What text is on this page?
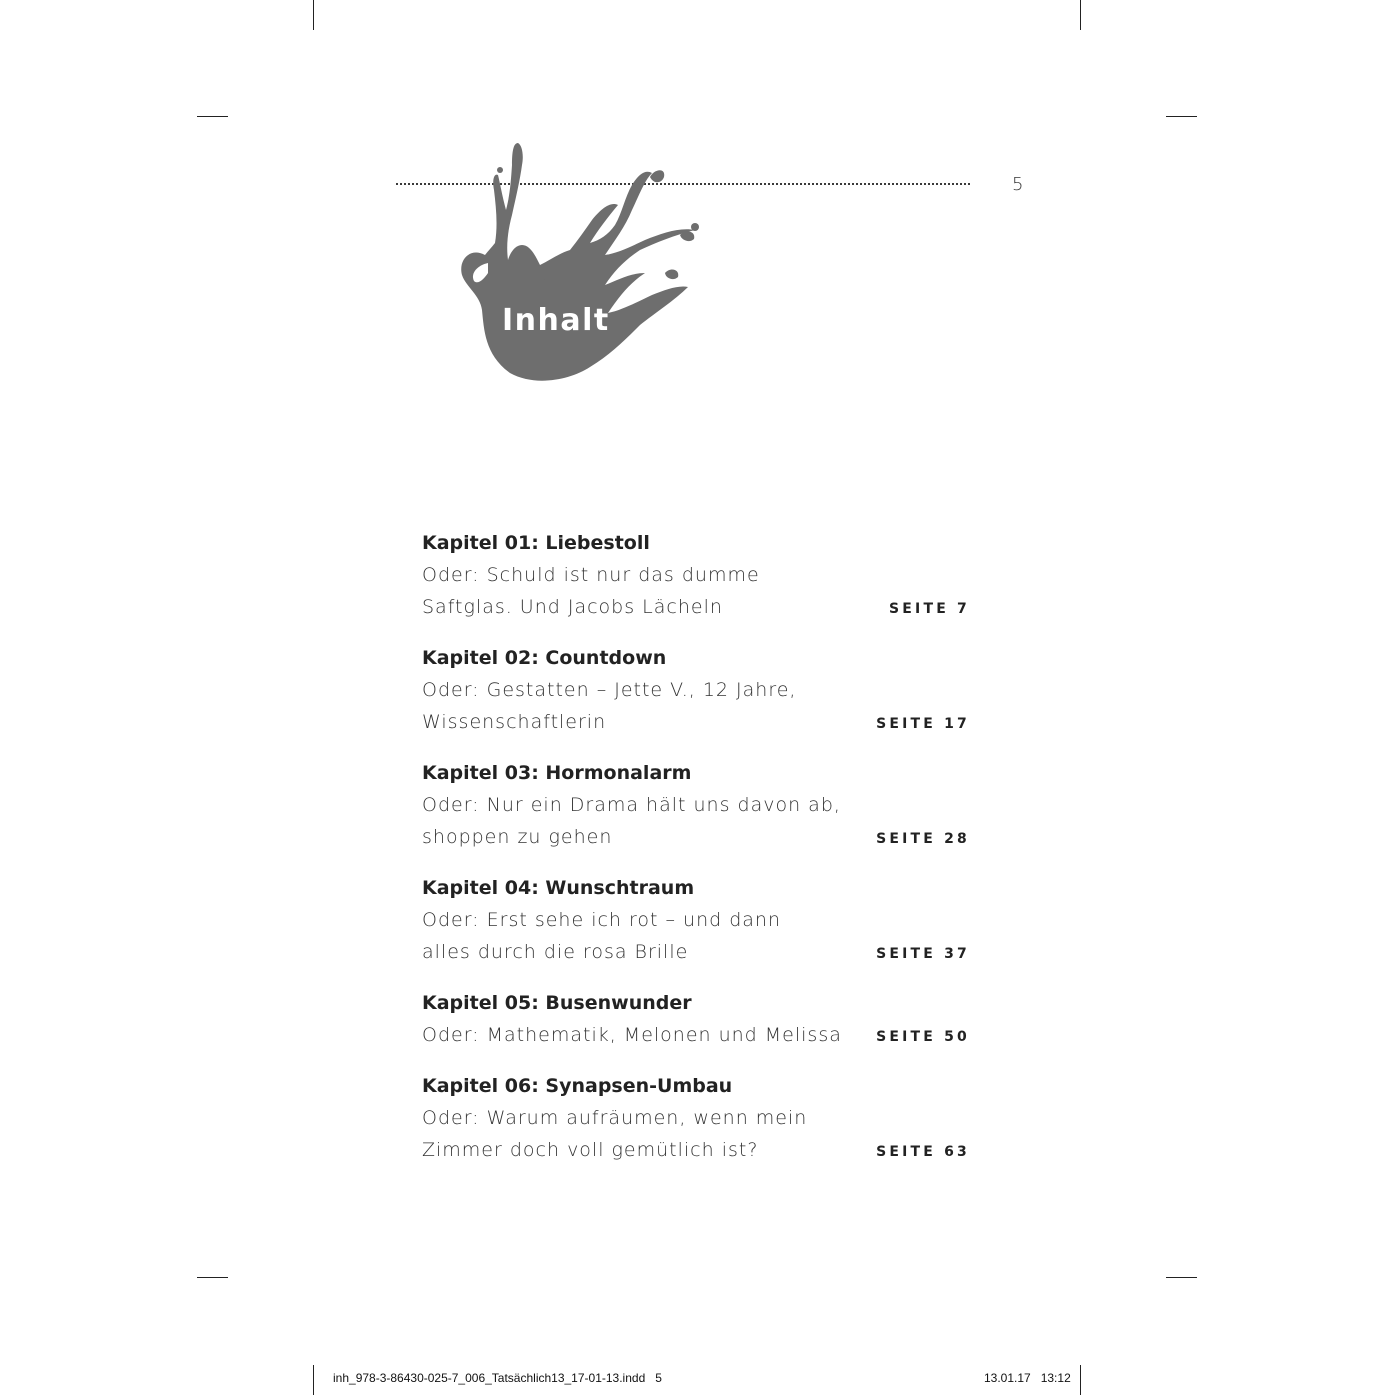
5
Inhalt
Kapitel 01: Liebestoll
Oder: Schuld ist nur das dumme
Saftglas. Und Jacobs Lächeln	SEITE 7
Kapitel 02: Countdown
Oder: Gestatten – Jette V., 12 Jahre,
Wissenschaftlerin	SEITE 17
Kapitel 03: Hormonalarm
Oder: Nur ein Drama hält uns davon ab,
shoppen zu gehen	SEITE 28
Kapitel 04: Wunschtraum
Oder: Erst sehe ich rot – und dann
alles durch die rosa Brille	SEITE 37
Kapitel 05: Busenwunder
Oder: Mathematik, Melonen und Melissa SEITE 50
Kapitel 06: Synapsen-Umbau
Oder: Warum aufräumen, wenn mein
Zimmer doch voll gemütlich ist?	SEITE 63
inh_978-3-86430-025-7_006_Tatsächlich13_17-01-13.indd   5	13.01.17   13:12
